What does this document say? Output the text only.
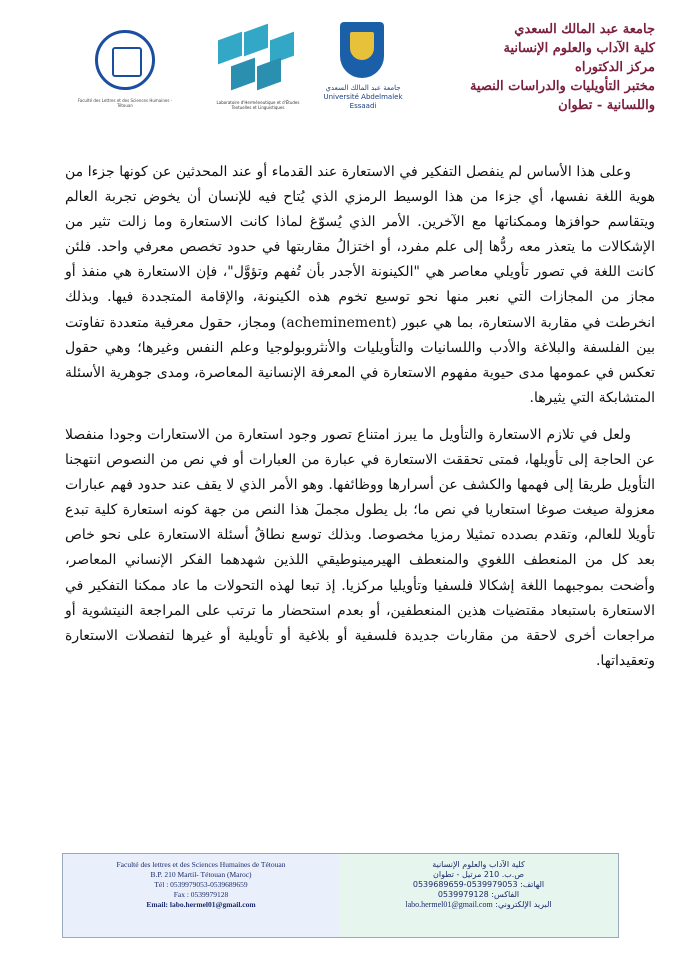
Faculté des Lettres et des Sciences Humaines - Tétouan
Laboratoire d'Herméneutique et d'Études Textuelles et Linguistiques
جامعة عبد المالك السعدي
Université Abdelmalek Essaadi
جامعة عبد المالك السعدي
كلية الآداب والعلوم الإنسانية
مركز الدكتوراه
مختبر التأويليات والدراسات النصية
واللسانية - تطوان

وعلى هذا الأساس لم ينفصل التفكير في الاستعارة عند القدماء أو عند المحدثين عن كونها جزءا من هوية اللغة نفسها، أي جزءا من هذا الوسيط الرمزي الذي يُتاح فيه للإنسان أن يخوض تجربة العالم ويتقاسم حوافزها وممكناتها مع الآخرين. الأمر الذي يُسوّغ لماذا كانت الاستعارة وما زالت تثير من الإشكالات ما يتعذر معه ردُّها إلى علم مفرد، أو اختزالُ مقاربتها في حدود تخصص معرفي واحد. فلئن كانت اللغة في تصور تأويلي معاصر هي "الكينونة الأجدر بأن تُفهم وتؤوَّل"، فإن الاستعارة هي منفذ أو مجاز من المجازات التي نعبر منها نحو توسيع تخوم هذه الكينونة، والإقامة المتجددة فيها. وبذلك انخرطت في مقاربة الاستعارة، بما هي عبور (acheminement) ومجاز، حقول معرفية متعددة تفاوتت بين الفلسفة والبلاغة والأدب واللسانيات والتأويليات والأنثروبولوجيا وعلم النفس وغيرها؛ وهي حقول تعكس في عمومها مدى حيوية مفهوم الاستعارة في المعرفة الإنسانية المعاصرة، ومدى جوهرية الأسئلة المتشابكة التي يثيرها.

ولعل في تلازم الاستعارة والتأويل ما يبرز امتناع تصور وجود استعارة من الاستعارات وجودا منفصلا عن الحاجة إلى تأويلها، فمتى تحققت الاستعارة في عبارة من العبارات أو في نص من النصوص انتهجنا التأويل طريقا إلى فهمها والكشف عن أسرارها ووظائفها. وهو الأمر الذي لا يقف عند حدود فهم عبارات معزولة صيغت صوغا استعاريا في نص ما؛ بل يطول مجملَ هذا النص من جهة كونه استعارة كلية تبدع تأويلا للعالم، وتقدم بصدده تمثيلا رمزيا مخصوصا. وبذلك توسع نطاقُ أسئلة الاستعارة على نحو خاص بعد كل من المنعطف اللغوي والمنعطف الهيرمينوطيقي اللذين شهدهما الفكر الإنساني المعاصر، وأضحت بموجبهما اللغة إشكالا فلسفيا وتأويليا مركزيا. إذ تبعا لهذه التحولات ما عاد ممكنا التفكير في الاستعارة باستبعاد مقتضيات هذين المنعطفين، أو بعدم استحضار ما ترتب على المراجعة النيتشوية أو مراجعات أخرى لاحقة من مقاربات جديدة فلسفية أو بلاغية أو تأويلية أو غيرها لتفصلات الاستعارة وتعقيداتها.

Faculté des lettres et des Sciences Humaines de Tétouan
B.P. 210 Martil- Tétouan (Maroc)
Tél : 0539979053-0539689659
Fax : 0539979128
Email: labo.hermel01@gmail.com
كلية الآداب والعلوم الإنسانية
ص.ب. 210 مرتيل - تطوان
الهاتف: 0539979053-0539689659
الفاكس: 0539979128
البريد الإلكتروني: labo.hermel01@gmail.com
